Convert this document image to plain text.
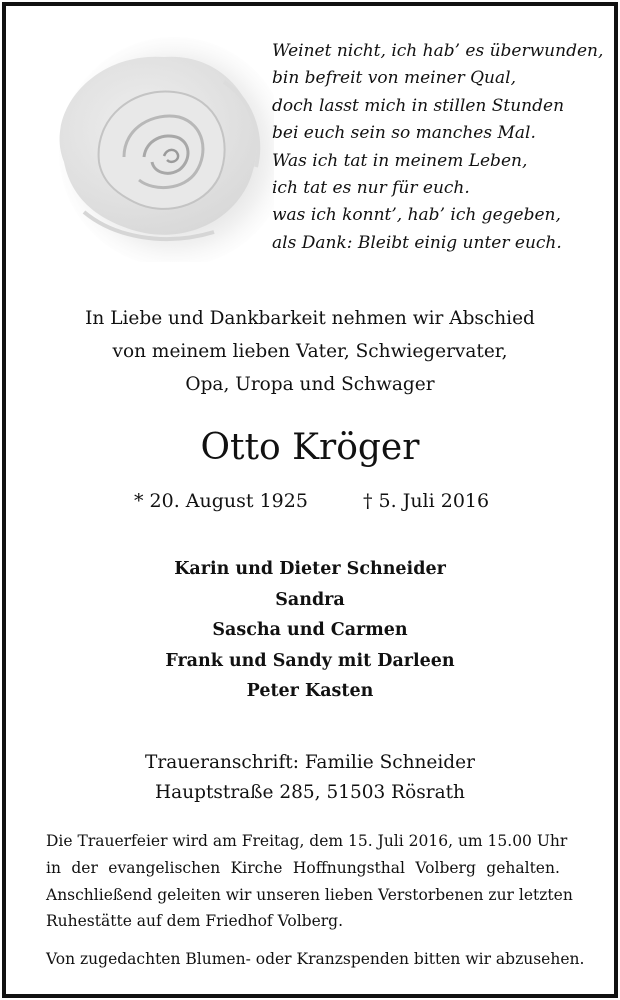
Weinet nicht, ich hab’ es überwunden,
bin befreit von meiner Qual,
doch lasst mich in stillen Stunden
bei euch sein so manches Mal.
Was ich tat in meinem Leben,
ich tat es nur für euch.
was ich konnt’, hab’ ich gegeben,
als Dank: Bleibt einig unter euch.
In Liebe und Dankbarkeit nehmen wir Abschied
von meinem lieben Vater, Schwiegervater,
Opa, Uropa und Schwager
Otto Kröger
* 20. August 1925	† 5. Juli 2016
Karin und Dieter Schneider
Sandra
Sascha und Carmen
Frank und Sandy mit Darleen
Peter Kasten
Traueranschrift: Familie Schneider
Hauptstraße 285, 51503 Rösrath
Die Trauerfeier wird am Freitag, dem 15. Juli 2016, um 15.00 Uhr
in der evangelischen Kirche Hoffnungsthal Volberg gehalten.
Anschließend geleiten wir unseren lieben Verstorbenen zur letzten
Ruhestätte auf dem Friedhof Volberg.
Von zugedachten Blumen- oder Kranzspenden bitten wir abzusehen.
